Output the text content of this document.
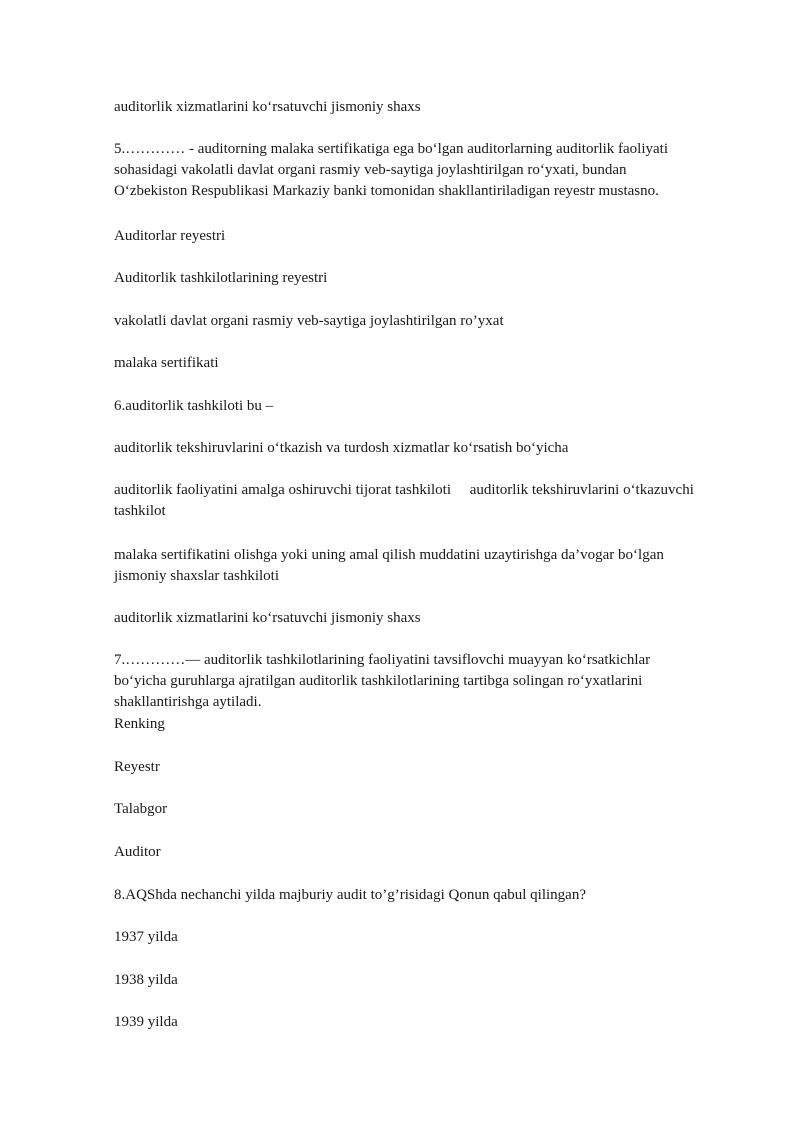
auditorlik xizmatlarini ko‘rsatuvchi jismoniy shaxs
5.………… - auditorning malaka sertifikatiga ega bo‘lgan auditorlarning auditorlik faoliyati
sohasidagi vakolatli davlat organi rasmiy veb-saytiga joylashtirilgan ro‘yxati, bundan
O‘zbekiston Respublikasi Markaziy banki tomonidan shakllantiriladigan reyestr mustasno.
Auditorlar reyestri
Auditorlik tashkilotlarining reyestri
vakolatli davlat organi rasmiy veb-saytiga joylashtirilgan ro’yxat
malaka sertifikati
6.auditorlik tashkiloti bu –
auditorlik tekshiruvlarini o‘tkazish va turdosh xizmatlar ko‘rsatish bo‘yicha
auditorlik faoliyatini amalga oshiruvchi tijorat tashkiloti     auditorlik tekshiruvlarini o‘tkazuvchi
tashkilot
malaka sertifikatini olishga yoki uning amal qilish muddatini uzaytirishga da’vogar bo‘lgan
jismoniy shaxslar tashkiloti
auditorlik xizmatlarini ko‘rsatuvchi jismoniy shaxs
7.…………— auditorlik tashkilotlarining faoliyatini tavsiflovchi muayyan ko‘rsatkichlar
bo‘yicha guruhlarga ajratilgan auditorlik tashkilotlarining tartibga solingan ro‘yxatlarini
shakllantirishga aytiladi.
Renking
Reyestr
Talabgor
Auditor
8.AQShda nechanchi yilda majburiy audit to’g’risidagi Qonun qabul qilingan?
1937 yilda
1938 yilda
1939 yilda
